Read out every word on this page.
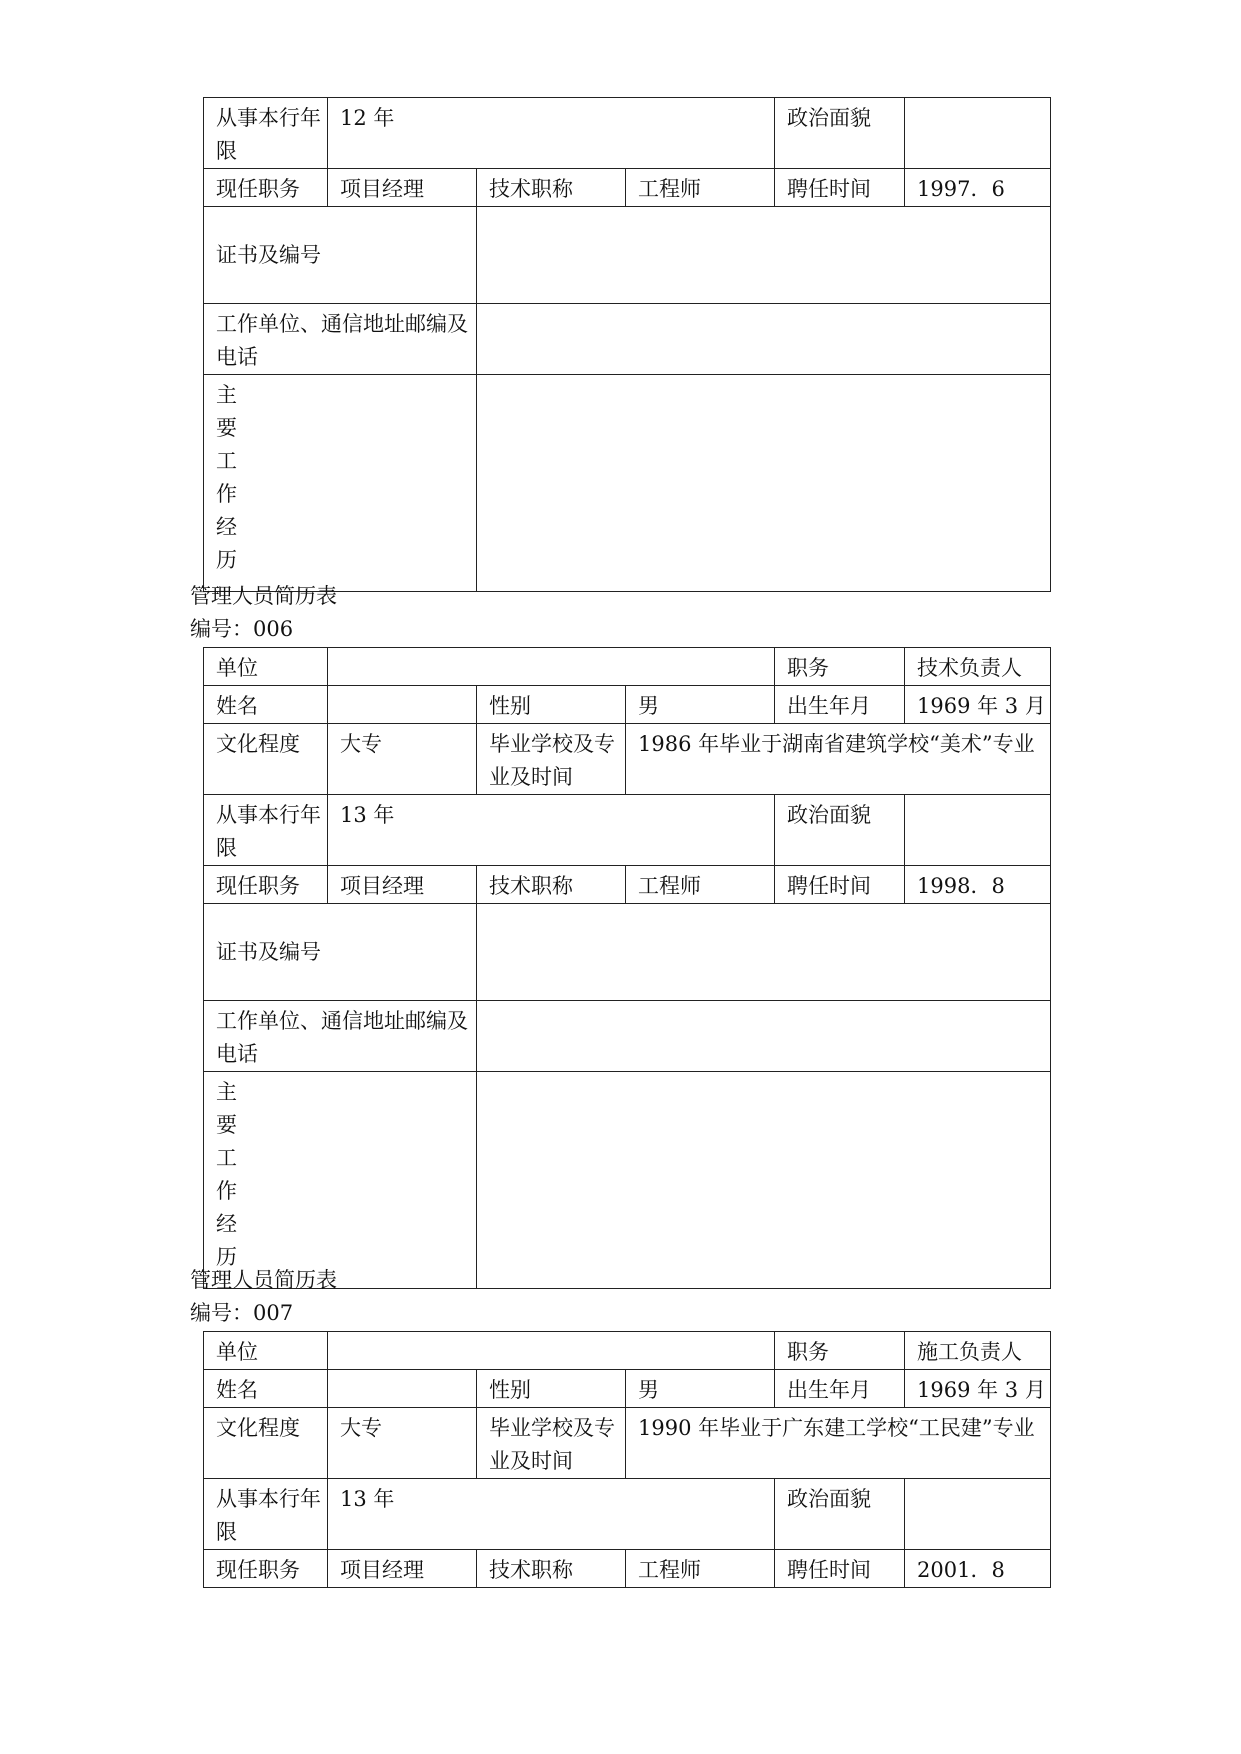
从事本行年限	12 年			政治面貌	
现任职务	项目经理	技术职称	工程师	聘任时间	1997．6
证书及编号					
工作单位、通信地址邮编及电话					

主要工作经历					

管理人员简历表
编号：006
单位				职务	技术负责人
姓名		性别	男	出生年月	1969 年 3 月
文化程度	大专	毕业学校及专业及时间	1986 年毕业于湖南省建筑学校“美术”专业		
从事本行年限	13 年			政治面貌	
现任职务	项目经理	技术职称	工程师	聘任时间	1998．8
证书及编号					
工作单位、通信地址邮编及电话					

主要工作经历					

管理人员简历表
编号：007
单位				职务	施工负责人
姓名		性别	男	出生年月	1969 年 3 月
文化程度	大专	毕业学校及专业及时间	1990 年毕业于广东建工学校“工民建”专业		
从事本行年限	13 年			政治面貌	
现任职务	项目经理	技术职称	工程师	聘任时间	2001．8
